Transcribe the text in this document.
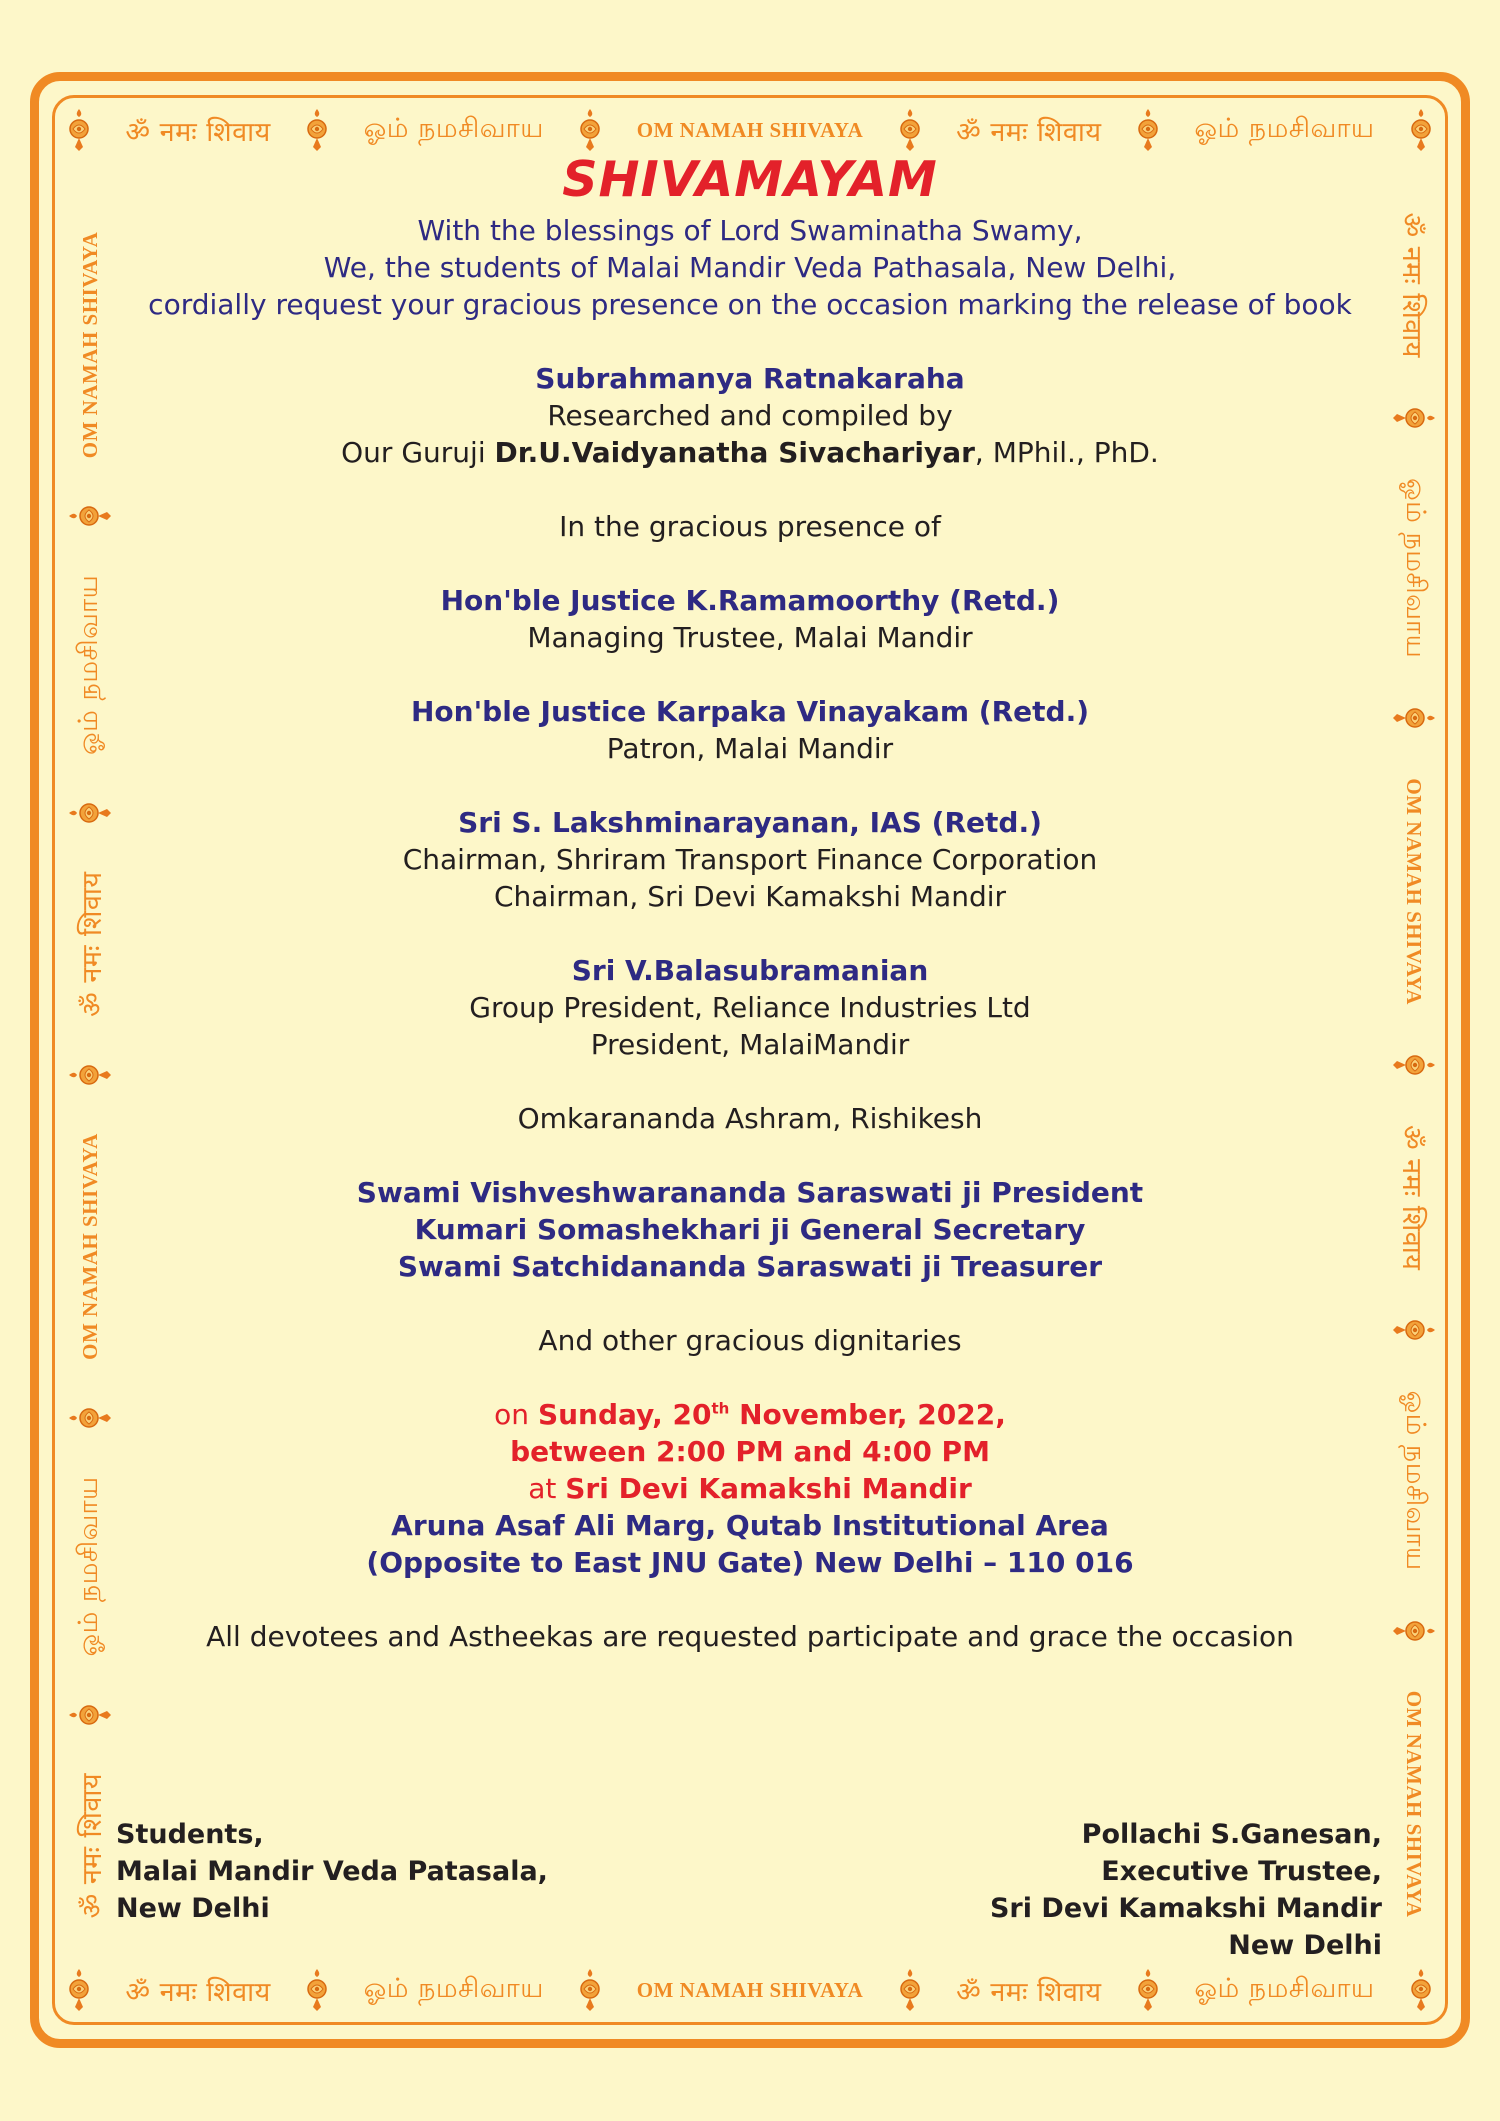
ॐ नमः शिवाय	ஓம் நமசிவாய	OM NAMAH SHIVAYA	ॐ नमः शिवाय	ஓம் நமசிவாய
ॐ नमः शिवाय	ஓம் நமசிவாய	OM NAMAH SHIVAYA	ॐ नमः शिवाय	ஓம் நமசிவாய
ॐ नमः शिवाय
ஓம் நமசிவாய
OM NAMAH SHIVAYA
ॐ नमः शिवाय
ஓம் நமசிவாய
OM NAMAH SHIVAYA	ॐ नमः शिवाय
ஓம் நமசிவாய
OM NAMAH SHIVAYA
ॐ नमः शिवाय
ஓம் நமசிவாய
OM NAMAH SHIVAYA
SHIVAMAYAM
With the blessings of Lord Swaminatha Swamy,
We, the students of Malai Mandir Veda Pathasala, New Delhi,
cordially request your gracious presence on the occasion marking the release of book
Subrahmanya Ratnakaraha
Researched and compiled by
Our Guruji Dr.U.Vaidyanatha Sivachariyar, MPhil., PhD.
In the gracious presence of
Hon'ble Justice K.Ramamoorthy (Retd.)
Managing Trustee, Malai Mandir
Hon'ble Justice Karpaka Vinayakam (Retd.)
Patron, Malai Mandir
Sri S. Lakshminarayanan, IAS (Retd.)
Chairman, Shriram Transport Finance Corporation
Chairman, Sri Devi Kamakshi Mandir
Sri V.Balasubramanian
Group President, Reliance Industries Ltd
President, MalaiMandir
Omkarananda Ashram, Rishikesh
Swami Vishveshwarananda Saraswati ji President
Kumari Somashekhari ji General Secretary
Swami Satchidananda Saraswati ji Treasurer
And other gracious dignitaries
on Sunday, 20th November, 2022,
between 2:00 PM and 4:00 PM
at Sri Devi Kamakshi Mandir
Aruna Asaf Ali Marg, Qutab Institutional Area
(Opposite to East JNU Gate) New Delhi – 110 016
All devotees and Astheekas are requested participate and grace the occasion
Students,
Malai Mandir Veda Patasala,
New Delhi
Pollachi S.Ganesan,
Executive Trustee,
Sri Devi Kamakshi Mandir
New Delhi
